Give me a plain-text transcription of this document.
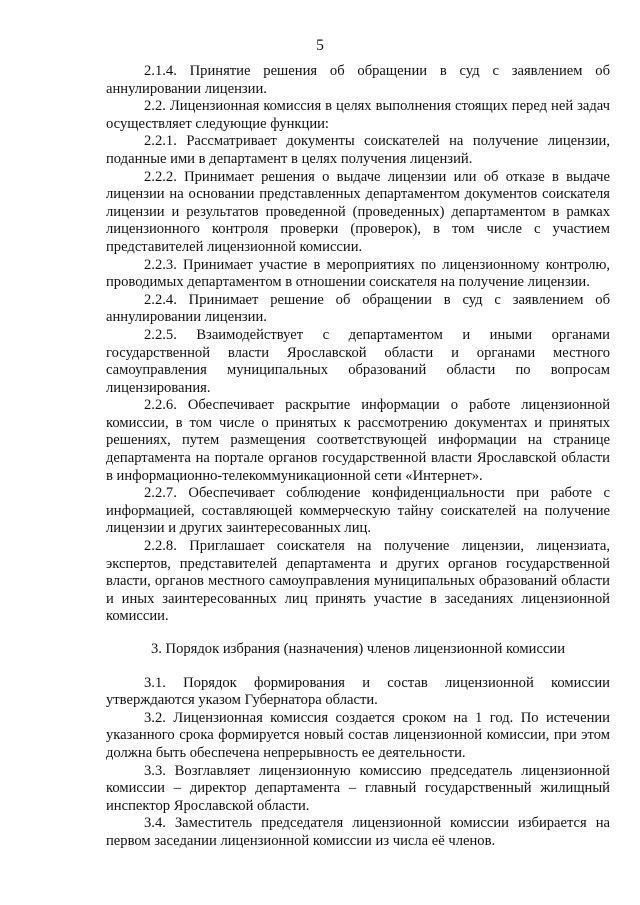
5

2.1.4. Принятие решения об обращении в суд с заявлением об аннулировании лицензии.

2.2. Лицензионная комиссия в целях выполнения стоящих перед ней задач осуществляет следующие функции:

2.2.1. Рассматривает документы соискателей на получение лицензии, поданные ими в департамент в целях получения лицензий.

2.2.2. Принимает решения о выдаче лицензии или об отказе в выдаче лицензии на основании представленных департаментом документов соискателя лицензии и результатов проведенной (проведенных) департаментом в рамках лицензионного контроля проверки (проверок), в том числе с участием представителей лицензионной комиссии.

2.2.3. Принимает участие в мероприятиях по лицензионному контролю, проводимых департаментом в отношении соискателя на получение лицензии.

2.2.4. Принимает решение об обращении в суд с заявлением об аннулировании лицензии.

2.2.5. Взаимодействует с департаментом и иными органами государственной власти Ярославской области и органами местного самоуправления муниципальных образований области по вопросам лицензирования.

2.2.6. Обеспечивает раскрытие информации о работе лицензионной комиссии, в том числе о принятых к рассмотрению документах и принятых решениях, путем размещения соответствующей информации на странице департамента на портале органов государственной власти Ярославской области в информационно-телекоммуникационной сети «Интернет».

2.2.7. Обеспечивает соблюдение конфиденциальности при работе с информацией, составляющей коммерческую тайну соискателей на получение лицензии и других заинтересованных лиц.

2.2.8. Приглашает соискателя на получение лицензии, лицензиата, экспертов, представителей департамента и других органов государственной власти, органов местного самоуправления муниципальных образований области и иных заинтересованных лиц принять участие в заседаниях лицензионной комиссии.

3. Порядок избрания (назначения) членов лицензионной комиссии

3.1. Порядок формирования и состав лицензионной комиссии утверждаются указом Губернатора области.

3.2. Лицензионная комиссия создается сроком на 1 год. По истечении указанного срока формируется новый состав лицензионной комиссии, при этом должна быть обеспечена непрерывность ее деятельности.

3.3. Возглавляет лицензионную комиссию председатель лицензионной комиссии – директор департамента – главный государственный жилищный инспектор Ярославской области.

3.4. Заместитель председателя лицензионной комиссии избирается на первом заседании лицензионной комиссии из числа её членов.
